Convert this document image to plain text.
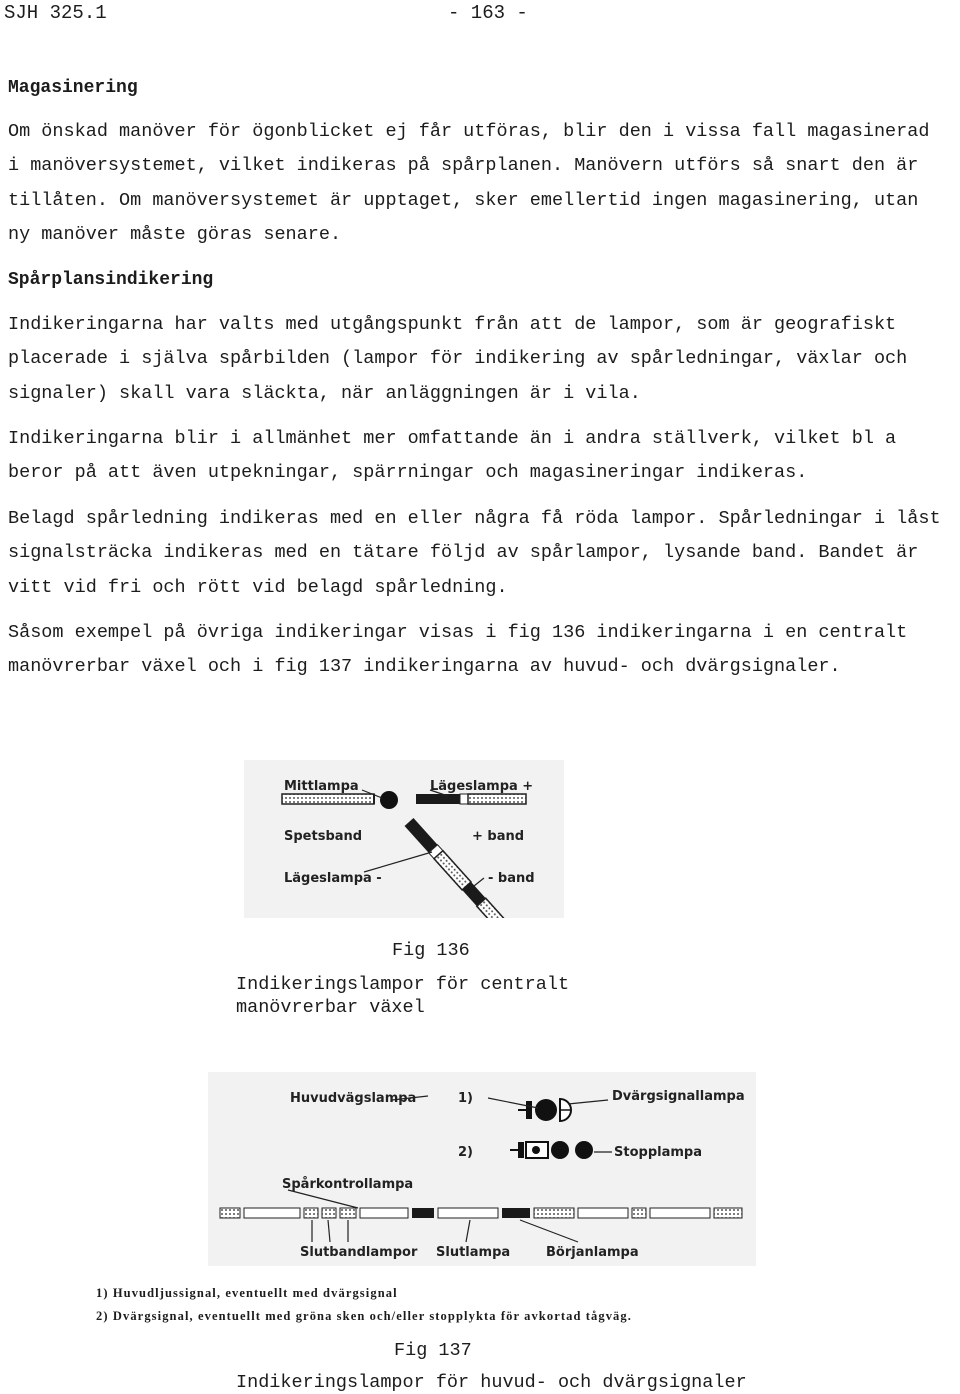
SJH 325.1	- 163 -
Magasinering
Om önskad manöver för ögonblicket ej får utföras, blir den i vissa fall magasinerad
i manöversystemet, vilket indikeras på spårplanen. Manövern utförs så snart den är
tillåten. Om manöversystemet är upptaget, sker emellertid ingen magasinering, utan
ny manöver måste göras senare.
Spårplansindikering
Indikeringarna har valts med utgångspunkt från att de lampor, som är geografiskt
placerade i själva spårbilden (lampor för indikering av spårledningar, växlar och
signaler) skall vara släckta, när anläggningen är i vila.
Indikeringarna blir i allmänhet mer omfattande än i andra ställverk, vilket bl a
beror på att även utpekningar, spärrningar och magasineringar indikeras.
Belagd spårledning indikeras med en eller några få röda lampor. Spårledningar i låst
signalsträcka indikeras med en tätare följd av spårlampor, lysande band. Bandet är
vitt vid fri och rött vid belagd spårledning.
Såsom exempel på övriga indikeringar visas i fig 136 indikeringarna i en centralt
manövrerbar växel och i fig 137 indikeringarna av huvud- och dvärgsignaler.
Mittlampa	Lägeslampa +
Spetsband	+ band
Lägeslampa -	- band
Fig 136
Indikeringslampor för centralt
manövrerbar växel
Huvudvägslampa	1)	Dvärgsignallampa
2)	Stopplampa
Spårkontrollampa
Slutbandlampor Slutlampa	Börjanlampa
1) Huvudljussignal, eventuellt med dvärgsignal
2) Dvärgsignal, eventuellt med gröna sken och/eller stopplykta för avkortad tågväg.
Fig 137
Indikeringslampor för huvud- och dvärgsignaler
